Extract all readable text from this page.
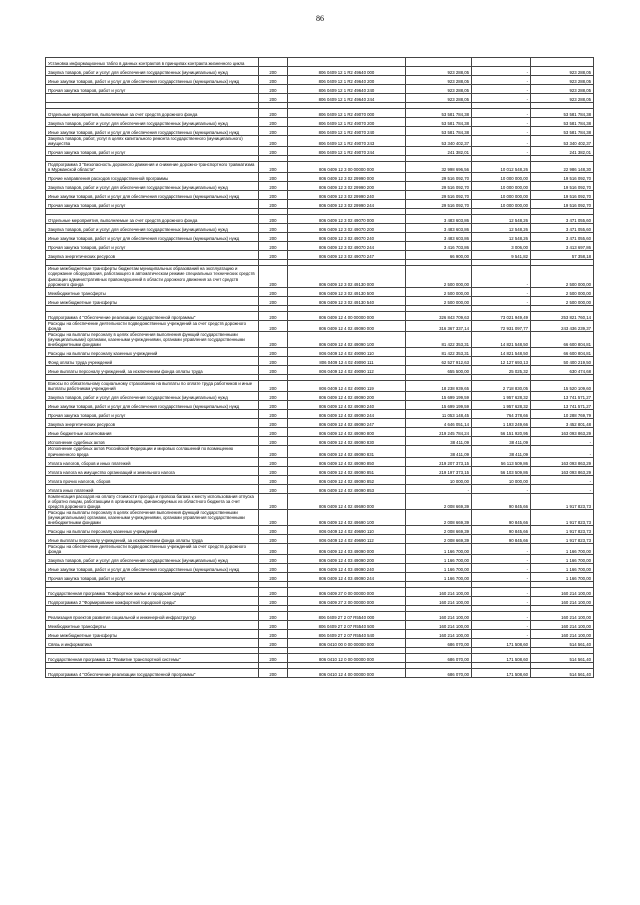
86
Установка информационных табло в данных контрактов в принципах контракта жизненного цикла					
Закупка товаров, работ и услуг для обеспечения государственных (муниципальных) нужд	200	806 0409 12 1 R2 49640 000	923 288,05	-	923 288,05
Иные закупки товаров, работ и услуг для обеспечения государственных (муниципальных) нужд	200	806 0409 12 1 R2 49640 200	923 288,05	-	923 288,05
Прочая закупка товаров, работ и услуг	200	806 0409 12 1 R2 49640 240	923 288,05	-	923 288,05
	200	806 0409 12 1 R2 49640 244	923 288,05	-	923 288,05

Отдельные мероприятия, выполняемые за счет средств дорожного фонда	200	806 0409 12 1 R2 49070 000	53 581 784,38	-	53 581 784,38
Закупка товаров, работ и услуг для обеспечения государственных (муниципальных) нужд	200	806 0409 12 1 R2 49070 200	53 581 784,38	-	53 581 784,38
Иные закупки товаров, работ и услуг для обеспечения государственных (муниципальных) нужд	200	806 0409 12 1 R2 49070 240	53 581 784,38	-	53 581 784,38
Закупка товаров, работ, услуг в целях капитального ремонта государственного (муниципального) имущества	200	806 0409 12 1 R2 49070 243	53 340 402,37	-	53 340 402,37
Прочая закупка товаров, работ и услуг	200	806 0409 12 1 R2 49070 244	241 382,01	-	241 382,01

Подпрограмма 3 "Безопасность дорожного движения и снижение дорожно-транспортного травматизма в Мурманской области"	200	806 0409 12 3 00 00000 000	32 998 696,56	10 012 548,26	22 986 148,30
Прочие направления расходов государственной программы	200	806 0409 12 3 02 29990 000	29 516 092,70	10 000 000,00	19 516 092,70
Закупка товаров, работ и услуг для обеспечения государственных (муниципальных) нужд	200	806 0409 12 3 02 29990 200	29 516 092,70	10 000 000,00	19 516 092,70
Иные закупки товаров, работ и услуг для обеспечения государственных (муниципальных) нужд	200	806 0409 12 3 02 29990 240	29 516 092,70	10 000 000,00	19 516 092,70
Прочая закупка товаров, работ и услуг	200	806 0409 12 3 02 29990 244	29 516 092,70	10 000 000,00	19 516 092,70

Отдельные мероприятия, выполняемые за счет средств дорожного фонда	200	806 0409 12 3 02 49070 000	3 483 603,86	12 548,26	3 471 055,60
Закупка товаров, работ и услуг для обеспечения государственных (муниципальных) нужд	200	806 0409 12 3 02 49070 200	3 483 603,86	12 548,26	3 471 055,60
Иные закупки товаров, работ и услуг для обеспечения государственных (муниципальных) нужд	200	806 0409 12 3 02 49070 240	3 483 603,86	12 548,26	3 471 055,60
Прочая закупка товаров, работ и услуг	200	806 0409 12 3 02 49070 244	3 416 703,86	3 006,00	3 413 697,86
Закупка энергетических ресурсов	200	806 0409 12 3 02 49070 247	66 900,00	9 541,82	57 358,18

Иные межбюджетные трансферты бюджетам муниципальных образований на эксплуатацию и содержание оборудования, работающего в автоматическом режиме специальных технических средств фиксации административных правонарушений в области дорожного движения за счет средств дорожного фонда	200	806 0409 12 3 02 49130 000	2 500 000,00	-	2 500 000,00
Межбюджетные трансферты	200	806 0409 12 3 02 49130 500	2 500 000,00	-	2 500 000,00
Иные межбюджетные трансферты	200	806 0409 12 3 02 49130 540	2 500 000,00	-	2 500 000,00

Подпрограмма 4 "Обеспечение реализации государственной программы"	200	806 0409 12 4 00 00000 000	326 843 709,63	73 021 949,49	253 821 760,14
Расходы на обеспечение деятельности подведомственных учреждений за счет средств дорожного фонда	200	806 0409 12 4 02 49090 000	316 367 337,14	72 931 097,77	243 436 239,37
Расходы на выплаты персоналу в целях обеспечения выполнения функций государственными (муниципальными) органами, казенными учреждениями, органами управления государственными внебюджетными фондами	200	806 0409 12 4 02 49090 100	81 422 353,31	14 821 548,50	66 600 804,81
Расходы на выплаты персоналу казенных учреждений	200	806 0409 12 4 02 49090 110	81 422 353,31	14 821 548,50	66 600 804,81
Фонд оплаты труда учреждений	200	806 0409 12 4 02 49090 111	62 527 912,63	12 127 693,13	50 400 219,50
Иные выплаты персоналу учреждений, за исключением фонда оплаты труда	200	806 0409 12 4 02 49090 112	655 500,00	25 025,32	630 474,68

Взносы по обязательному социальному страхованию на выплаты по оплате труда работников и иные выплаты работникам учреждений	200	806 0409 12 4 02 49090 119	18 238 939,65	2 718 830,05	15 520 109,60
Закупка товаров, работ и услуг для обеспечения государственных (муниципальных) нужд	200	806 0409 12 4 02 49090 200	15 699 199,59	1 957 628,32	13 741 571,27
Иные закупки товаров, работ и услуг для обеспечения государственных (муниципальных) нужд	200	806 0409 12 4 02 49090 240	15 699 199,59	1 957 628,32	13 741 571,27
Прочая закупка товаров, работ и услуг	200	806 0409 12 4 02 49090 244	11 053 148,45	764 378,66	10 288 769,79
Закупка энергетических ресурсов	200	806 0409 12 4 02 49090 247	4 646 051,14	1 193 249,66	3 452 801,48
Иные бюджетные ассигнования	200	806 0409 12 4 02 49090 800	219 245 784,24	56 151 920,95	163 093 863,29
Исполнение судебных актов	200	806 0409 12 4 02 49090 830	38 411,09	38 411,09	-
Исполнение судебных актов Российской Федерации и мировых соглашений по возмещению причиненного вреда	200	806 0409 12 4 02 49090 831	38 411,09	38 411,09	-
Уплата налогов, сборов и иных платежей	200	806 0409 12 4 02 49090 850	219 207 373,15	56 113 509,86	163 093 863,29
Уплата налога на имущество организаций и земельного налога	200	806 0409 12 4 02 49090 851	219 197 373,15	56 103 509,86	163 093 863,29
Уплата прочих налогов, сборов	200	806 0409 12 4 02 49090 852	10 000,00	10 000,00	-
Уплата иных платежей	200	806 0409 12 4 02 49090 853	-	-	-
Компенсация расходов на оплату стоимости проезда и провоза багажа к месту использования отпуска и обратно лицам, работающим в организациях, финансируемых из областного бюджета за счет средств дорожного фонда	200	806 0409 12 4 02 49690 000	2 008 669,39	90 845,66	1 917 823,73
Расходы на выплаты персоналу в целях обеспечения выполнения функций государственными (муниципальными) органами, казенными учреждениями, органами управления государственными внебюджетными фондами	200	806 0409 12 4 02 49690 100	2 008 669,39	90 845,66	1 917 823,73
Расходы на выплаты персоналу казенных учреждений	200	806 0409 12 4 02 49690 110	2 008 669,39	90 845,66	1 917 823,73
Иные выплаты персоналу учреждений, за исключением фонда оплаты труда	200	806 0409 12 4 02 49690 112	2 008 669,39	90 845,66	1 917 823,73
Расходы на обеспечение деятельности подведомственных учреждений за счет средств дорожного фонда	200	806 0409 12 4 03 49090 000	1 166 700,00	-	1 166 700,00
Закупка товаров, работ и услуг для обеспечения государственных (муниципальных) нужд	200	806 0409 12 4 03 49090 200	1 166 700,00	-	1 166 700,00
Иные закупки товаров, работ и услуг для обеспечения государственных (муниципальных) нужд	200	806 0409 12 4 03 49090 240	1 166 700,00	-	1 166 700,00
Прочая закупка товаров, работ и услуг	200	806 0409 12 4 03 49090 244	1 166 700,00	-	1 166 700,00

Государственная программа "Комфортное жилье и городская среда"	200	806 0409 27 0 00 00000 000	160 214 100,00	-	160 214 100,00
Подпрограмма 2 "Формирование комфортной городской среды"	200	806 0409 27 2 00 00000 000	160 214 100,00	-	160 214 100,00

Реализация проектов развития социальной и инженерной инфраструктур	200	806 0409 27 2 07 R5540 000	160 214 100,00	-	160 214 100,00
Межбюджетные трансферты	200	806 0409 27 2 07 R5540 500	160 214 100,00	-	160 214 100,00
Иные межбюджетные трансферты	200	806 0409 27 2 07 R5540 540	160 214 100,00	-	160 214 100,00
Связь и информатика	200	806 0410 00 0 00 00000 000	686 070,00	171 508,60	514 561,40

Государственная программа 12 "Развитие транспортной системы"	200	806 0410 12 0 00 00000 000	686 070,00	171 508,60	514 561,40

Подпрограмма 4 "Обеспечение реализации государственной программы"	200	806 0410 12 4 00 00000 000	686 070,00	171 508,60	514 561,40
